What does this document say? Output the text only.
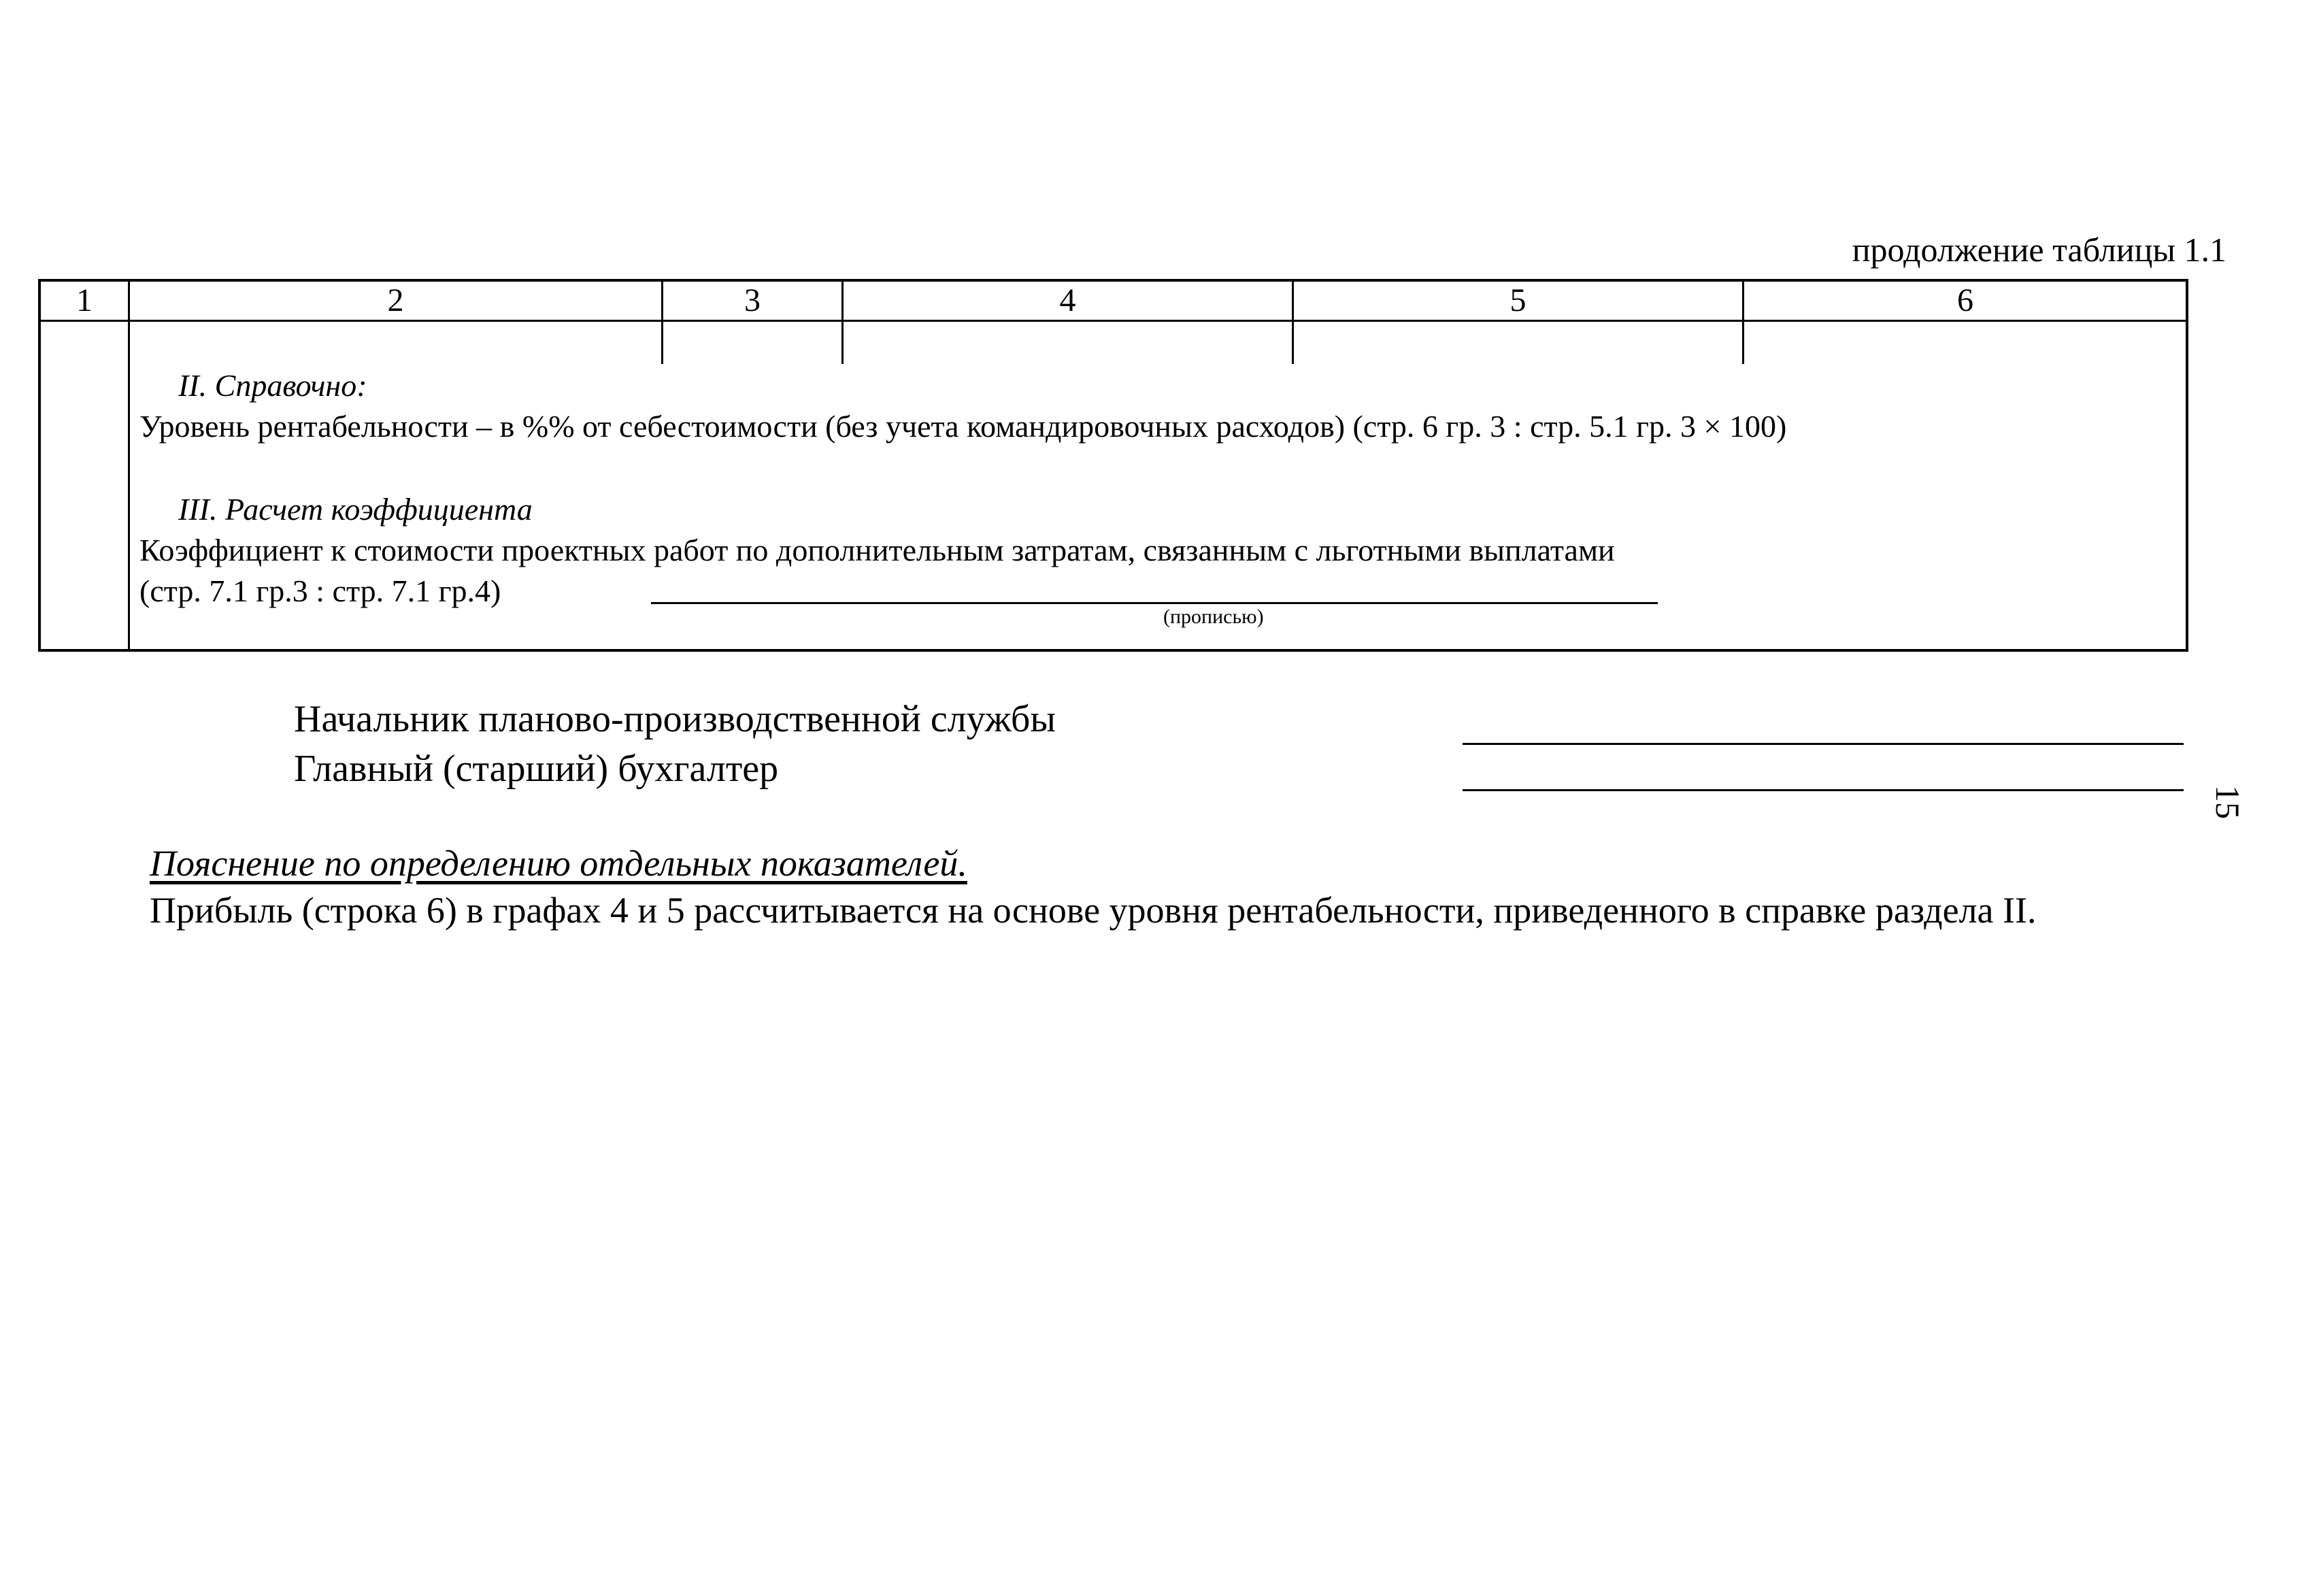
продолжение таблицы 1.1
1	2	3	4	5	6
II. Справочно:
Уровень рентабельности – в %% от себестоимости (без учета командировочных расходов) (стр. 6 гр. 3 : стр. 5.1 гр. 3 × 100)
III. Расчет коэффициента
Коэффициент к стоимости проектных работ по дополнительным затратам, связанным с льготными выплатами
(стр. 7.1 гр.3 : стр. 7.1 гр.4)
(прописью)
Начальник планово-производственной службы
Главный (старший) бухгалтер
15
Пояснение по определению отдельных показателей.
Прибыль (строка 6) в графах 4 и 5 рассчитывается на основе уровня рентабельности, приведенного в справке раздела II.
